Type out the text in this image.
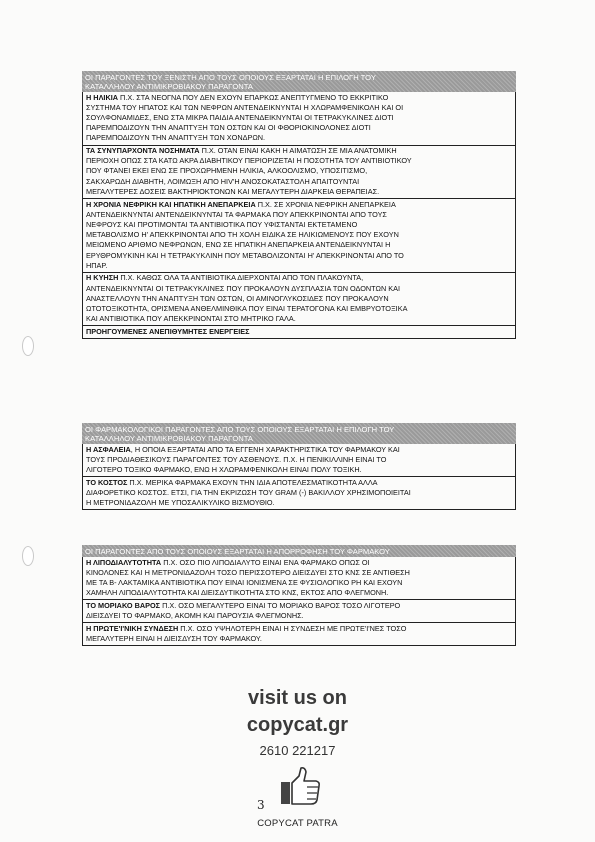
ΟΙ ΠΑΡΑΓΟΝΤΕΣ ΤΟΥ ΞΕΝΙΣΤΗ ΑΠΟ ΤΟΥΣ ΟΠΟΙΟΥΣ ΕΞΑΡΤΑΤΑΙ Η ΕΠΙΛΟΓΗ ΤΟΥ
ΚΑΤΑΛΛΗΛΟΥ ΑΝΤΙΜΙΚΡΟΒΙΑΚΟΥ ΠΑΡΑΓΟΝΤΑ
Η ΗΛΙΚΙΑ Π.Χ. ΣΤΑ ΝΕΟΓΝΑ ΠΟΥ ΔΕΝ ΕΧΟΥΝ ΕΠΑΡΚΩΣ ΑΝΕΠΤΥΓΜΕΝΟ ΤΟ ΕΚΚΡΙΤΙΚΟ
ΣΥΣΤΗΜΑ ΤΟΥ ΗΠΑΤΟΣ ΚΑΙ ΤΩΝ ΝΕΦΡΩΝ ΑΝΤΕΝΔΕΙΚΝΥΝΤΑΙ Η ΧΛΩΡΑΜΦΕΝΙΚΟΛΗ ΚΑΙ ΟΙ
ΣΟΥΛΦΟΝΑΜΙΔΕΣ, ΕΝΩ ΣΤΑ ΜΙΚΡΑ ΠΑΙΔΙΑ ΑΝΤΕΝΔΕΙΚΝΥΝΤΑΙ ΟΙ ΤΕΤΡΑΚΥΚΛΙΝΕΣ ΔΙΟΤΙ
ΠΑΡΕΜΠΟΔΙΖΟΥΝ ΤΗΝ ΑΝΑΠΤΥΞΗ ΤΩΝ ΟΣΤΩΝ ΚΑΙ ΟΙ ΦΘΟΡΙΟΚΙΝΟΛΟΝΕΣ ΔΙΟΤΙ
ΠΑΡΕΜΠΟΔΙΖΟΥΝ ΤΗΝ ΑΝΑΠΤΥΞΗ ΤΩΝ ΧΟΝΔΡΩΝ.
ΤΑ ΣΥΝΥΠΑΡΧΟΝΤΑ ΝΟΣΗΜΑΤΑ Π.Χ. ΟΤΑΝ ΕΙΝΑΙ ΚΑΚΗ Η ΑΙΜΑΤΩΣΗ ΣΕ ΜΙΑ ΑΝΑΤΟΜΙΚΗ
ΠΕΡΙΟΧΗ ΟΠΩΣ ΣΤΑ ΚΑΤΩ ΑΚΡΑ ΔΙΑΒΗΤΙΚΟΥ ΠΕΡΙΟΡΙΖΕΤΑΙ Η ΠΟΣΟΤΗΤΑ ΤΟΥ ΑΝΤΙΒΙΟΤΙΚΟΥ
ΠΟΥ ΦΤΑΝΕΙ ΕΚΕΙ ΕΝΩ ΣΕ ΠΡΟΧΩΡΗΜΕΝΗ ΗΛΙΚΙΑ, ΑΛΚΟΟΛΙΣΜΟ, ΥΠΟΣΙΤΙΣΜΟ,
ΣΑΚΧΑΡΩΔΗ ΔΙΑΒΗΤΗ, ΛΟΙΜΩΞΗ ΑΠΟ HIV'Η ΑΝΟΣΟΚΑΤΑΣΤΟΛΗ ΑΠΑΙΤΟΥΝΤΑΙ
ΜΕΓΑΛΥΤΕΡΕΣ ΔΟΣΕΙΣ ΒΑΚΤΗΡΙΟΚΤΟΝΩΝ ΚΑΙ ΜΕΓΑΛΥΤΕΡΗ ΔΙΑΡΚΕΙΑ ΘΕΡΑΠΕΙΑΣ.
Η ΧΡΟΝΙΑ ΝΕΦΡΙΚΗ ΚΑΙ ΗΠΑΤΙΚΗ ΑΝΕΠΑΡΚΕΙΑ Π.Χ. ΣΕ ΧΡΟΝΙΑ ΝΕΦΡΙΚΗ ΑΝΕΠΑΡΚΕΙΑ
ΑΝΤΕΝΔΕΙΚΝΥΝΤΑΙ ΑΝΤΕΝΔΕΙΚΝΥΝΤΑΙ ΤΑ ΦΑΡΜΑΚΑ ΠΟΥ ΑΠΕΚΚΡΙΝΟΝΤΑΙ ΑΠΟ ΤΟΥΣ
ΝΕΦΡΟΥΣ ΚΑΙ ΠΡΟΤΙΜΟΝΤΑΙ ΤΑ ΑΝΤΙΒΙΟΤΙΚΑ ΠΟΥ ΥΦΙΣΤΑΝΤΑΙ ΕΚΤΕΤΑΜΕΝΟ
ΜΕΤΑΒΟΛΙΣΜΟ Η' ΑΠΕΚΚΡΙΝΟΝΤΑΙ ΑΠΟ ΤΗ ΧΟΛΗ ΕΙΔΙΚΑ ΣΕ ΗΛΙΚΙΩΜΕΝΟΥΣ ΠΟΥ ΕΧΟΥΝ
ΜΕΙΩΜΕΝΟ ΑΡΙΘΜΟ ΝΕΦΡΩΝΩΝ, ΕΝΩ ΣΕ ΗΠΑΤΙΚΗ ΑΝΕΠΑΡΚΕΙΑ ΑΝΤΕΝΔΕΙΚΝΥΝΤΑΙ Η
ΕΡΥΘΡΟΜΥΚΙΝΗ ΚΑΙ Η ΤΕΤΡΑΚΥΚΛΙΝΗ ΠΟΥ ΜΕΤΑΒΟΛΙΖΟΝΤΑΙ Η' ΑΠΕΚΚΡΙΝΟΝΤΑΙ ΑΠΟ ΤΟ
ΗΠΑΡ.
Η ΚΥΗΣΗ Π.Χ. ΚΑΘΩΣ ΟΛΑ ΤΑ ΑΝΤΙΒΙΟΤΙΚΑ ΔΙΕΡΧΟΝΤΑΙ ΑΠΟ ΤΟΝ ΠΛΑΚΟΥΝΤΑ,
ΑΝΤΕΝΔΕΙΚΝΥΝΤΑΙ ΟΙ ΤΕΤΡΑΚΥΚΛΙΝΕΣ ΠΟΥ ΠΡΟΚΑΛΟΥΝ ΔΥΣΠΛΑΣΙΑ ΤΩΝ ΟΔΟΝΤΩΝ ΚΑΙ
ΑΝΑΣΤΕΛΛΟΥΝ ΤΗΝ ΑΝΑΠΤΥΞΗ ΤΩΝ ΟΣΤΩΝ, ΟΙ ΑΜΙΝΟΓΛΥΚΟΣΙΔΕΣ ΠΟΥ ΠΡΟΚΑΛΟΥΝ
ΩΤΟΤΟΞΙΚΟΤΗΤΑ, ΟΡΙΣΜΕΝΑ ΑΝΘΕΛΜΙΝΘΙΚΑ ΠΟΥ ΕΙΝΑΙ ΤΕΡΑΤΟΓΟΝΑ ΚΑΙ ΕΜΒΡΥΟΤΟΞΙΚΑ
ΚΑΙ ΑΝΤΙΒΙΟΤΙΚΑ ΠΟΥ ΑΠΕΚΚΡΙΝΟΝΤΑΙ ΣΤΟ ΜΗΤΡΙΚΟ ΓΑΛΑ.
ΠΡΟΗΓΟΥΜΕΝΕΣ ΑΝΕΠΙΘΥΜΗΤΕΣ ΕΝΕΡΓΕΙΕΣ
ΟΙ ΦΑΡΜΑΚΟΛΟΓΙΚΟΙ ΠΑΡΑΓΟΝΤΕΣ ΑΠΟ ΤΟΥΣ ΟΠΟΙΟΥΣ ΕΞΑΡΤΑΤΑΙ Η ΕΠΙΛΟΓΗ ΤΟΥ
ΚΑΤΑΛΛΗΛΟΥ ΑΝΤΙΜΙΚΡΟΒΙΑΚΟΥ ΠΑΡΑΓΟΝΤΑ
Η ΑΣΦΑΛΕΙΑ, Η ΟΠΟΙΑ ΕΞΑΡΤΑΤΑΙ ΑΠΟ ΤΑ ΕΓΓΕΝΗ ΧΑΡΑΚΤΗΡΙΣΤΙΚΑ ΤΟΥ ΦΑΡΜΑΚΟΥ ΚΑΙ
ΤΟΥΣ ΠΡΟΔΙΑΘΕΣΙΚΟΥΣ ΠΑΡΑΓΟΝΤΕΣ ΤΟΥ ΑΣΘΕΝΟΥΣ. Π.Χ. Η ΠΕΝΙΚΙΛΛΙΝΗ ΕΙΝΑΙ ΤΟ
ΛΙΓΟΤΕΡΟ ΤΟΞΙΚΟ ΦΑΡΜΑΚΟ, ΕΝΩ Η ΧΛΩΡΑΜΦΕΝΙΚΟΛΗ ΕΙΝΑΙ ΠΟΛΥ ΤΟΞΙΚΗ.
ΤΟ ΚΟΣΤΟΣ Π.Χ. ΜΕΡΙΚΑ ΦΑΡΜΑΚΑ ΕΧΟΥΝ ΤΗΝ ΙΔΙΑ ΑΠΟΤΕΛΕΣΜΑΤΙΚΟΤΗΤΑ ΑΛΛΑ
ΔΙΑΦΟΡΕΤΙΚΟ ΚΟΣΤΟΣ. ΕΤΣΙ, ΓΙΑ ΤΗΝ ΕΚΡΙΖΩΣΗ ΤΟΥ GRAM (-) ΒΑΚΙΛΛΟΥ ΧΡΗΣΙΜΟΠΟΙΕΙΤΑΙ
Η ΜΕΤΡΟΝΙΔΑΖΟΛΗ ΜΕ ΥΠΟΣΑΛΙΚΥΛΙΚΟ ΒΙΣΜΟΥΘΙΟ.
ΟΙ ΠΑΡΑΓΟΝΤΕΣ ΑΠΟ ΤΟΥΣ ΟΠΟΙΟΥΣ ΕΞΑΡΤΑΤΑΙ Η ΑΠΟΡΡΟΦΗΣΗ ΤΟΥ ΦΑΡΜΑΚΟΥ
Η ΛΙΠΟΔΙΑΛΥΤΟΤΗΤΑ Π.Χ. ΟΣΟ ΠΙΟ ΛΙΠΟΔΙΑΛΥΤΟ ΕΙΝΑΙ ΕΝΑ ΦΑΡΜΑΚΟ ΟΠΩΣ ΟΙ
ΚΙΝΟΛΟΝΕΣ ΚΑΙ Η ΜΕΤΡΟΝΙΔΑΖΟΛΗ ΤΟΣΟ ΠΕΡΙΣΣΟΤΕΡΟ ΔΙΕΙΣΔΥΕΙ ΣΤΟ ΚΝΣ ΣΕ ΑΝΤΙΘΕΣΗ
ΜΕ ΤΑ Β- ΛΑΚΤΑΜΙΚΑ ΑΝΤΙΒΙΟΤΙΚΑ ΠΟΥ ΕΙΝΑΙ ΙΟΝΙΣΜΕΝΑ ΣΕ ΦΥΣΙΟΛΟΓΙΚΟ ΡΗ ΚΑΙ ΕΧΟΥΝ
ΧΑΜΗΛΗ ΛΙΠΟΔΙΑΛΥΤΟΤΗΤΑ ΚΑΙ ΔΙΕΙΣΔΥΤΙΚΟΤΗΤΑ ΣΤΟ ΚΝΣ, ΕΚΤΟΣ ΑΠΟ ΦΛΕΓΜΟΝΗ.
ΤΟ ΜΟΡΙΑΚΟ ΒΑΡΟΣ Π.Χ. ΟΣΟ ΜΕΓΑΛΥΤΕΡΟ ΕΙΝΑΙ ΤΟ ΜΟΡΙΑΚΟ ΒΑΡΟΣ ΤΟΣΟ ΛΙΓΟΤΕΡΟ
ΔΙΕΙΣΔΥΕΙ ΤΟ ΦΑΡΜΑΚΟ, ΑΚΟΜΗ ΚΑΙ ΠΑΡΟΥΣΙΑ ΦΛΕΓΜΟΝΗΣ.
Η ΠΡΩΤΕ'Ι'ΝΙΚΗ ΣΥΝΔΕΣΗ Π.Χ. ΟΣΟ ΥΨΗΛΟΤΕΡΗ ΕΙΝΑΙ Η ΣΥΝΔΕΣΗ ΜΕ ΠΡΩΤΕ'Ι'ΝΕΣ ΤΟΣΟ
ΜΕΓΑΛΥΤΕΡΗ ΕΙΝΑΙ Η ΔΙΕΙΣΔΥΣΗ ΤΟΥ ΦΑΡΜΑΚΟΥ.
visit us on
copycat.gr
2610 221217
3
COPYCAT PATRA
